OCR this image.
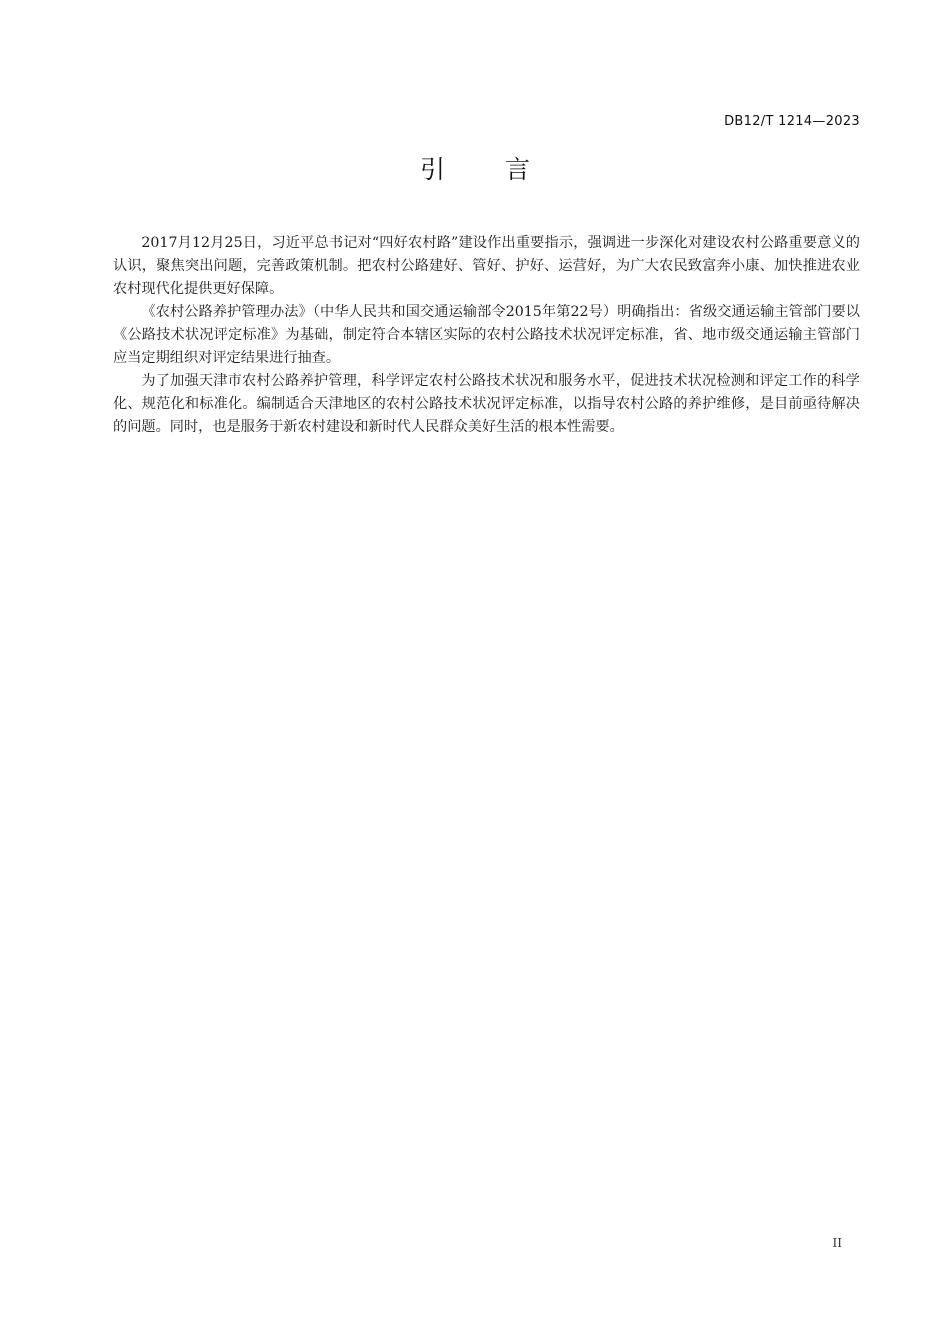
DB12/T 1214—2023
引言

2017月12月25日，习近平总书记对“四好农村路”建设作出重要指示，强调进一步深化对建设农村公路重要意义的认识，聚焦突出问题，完善政策机制。把农村公路建好、管好、护好、运营好，为广大农民致富奔小康、加快推进农业农村现代化提供更好保障。

《农村公路养护管理办法》（中华人民共和国交通运输部令2015年第22号）明确指出：省级交通运输主管部门要以《公路技术状况评定标准》为基础，制定符合本辖区实际的农村公路技术状况评定标准，省、地市级交通运输主管部门应当定期组织对评定结果进行抽查。

为了加强天津市农村公路养护管理，科学评定农村公路技术状况和服务水平，促进技术状况检测和评定工作的科学化、规范化和标准化。编制适合天津地区的农村公路技术状况评定标准，以指导农村公路的养护维修，是目前亟待解决的问题。同时，也是服务于新农村建设和新时代人民群众美好生活的根本性需要。

II
